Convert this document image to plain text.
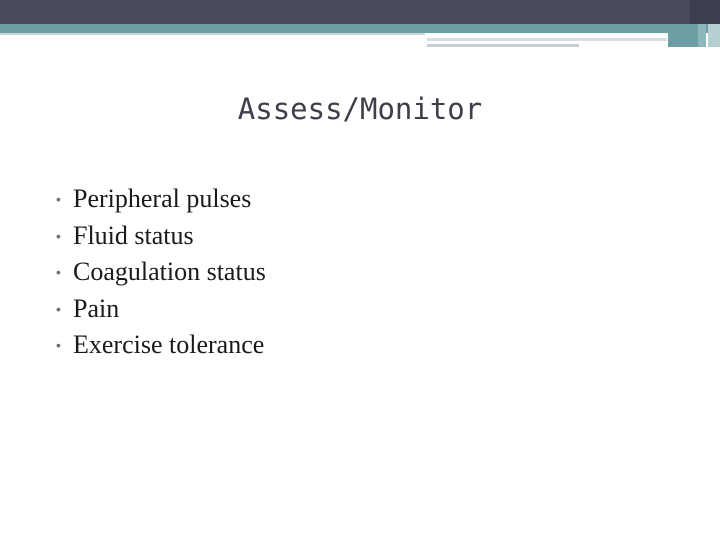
Assess/Monitor
• Peripheral pulses
• Fluid status
• Coagulation status
• Pain
• Exercise tolerance
